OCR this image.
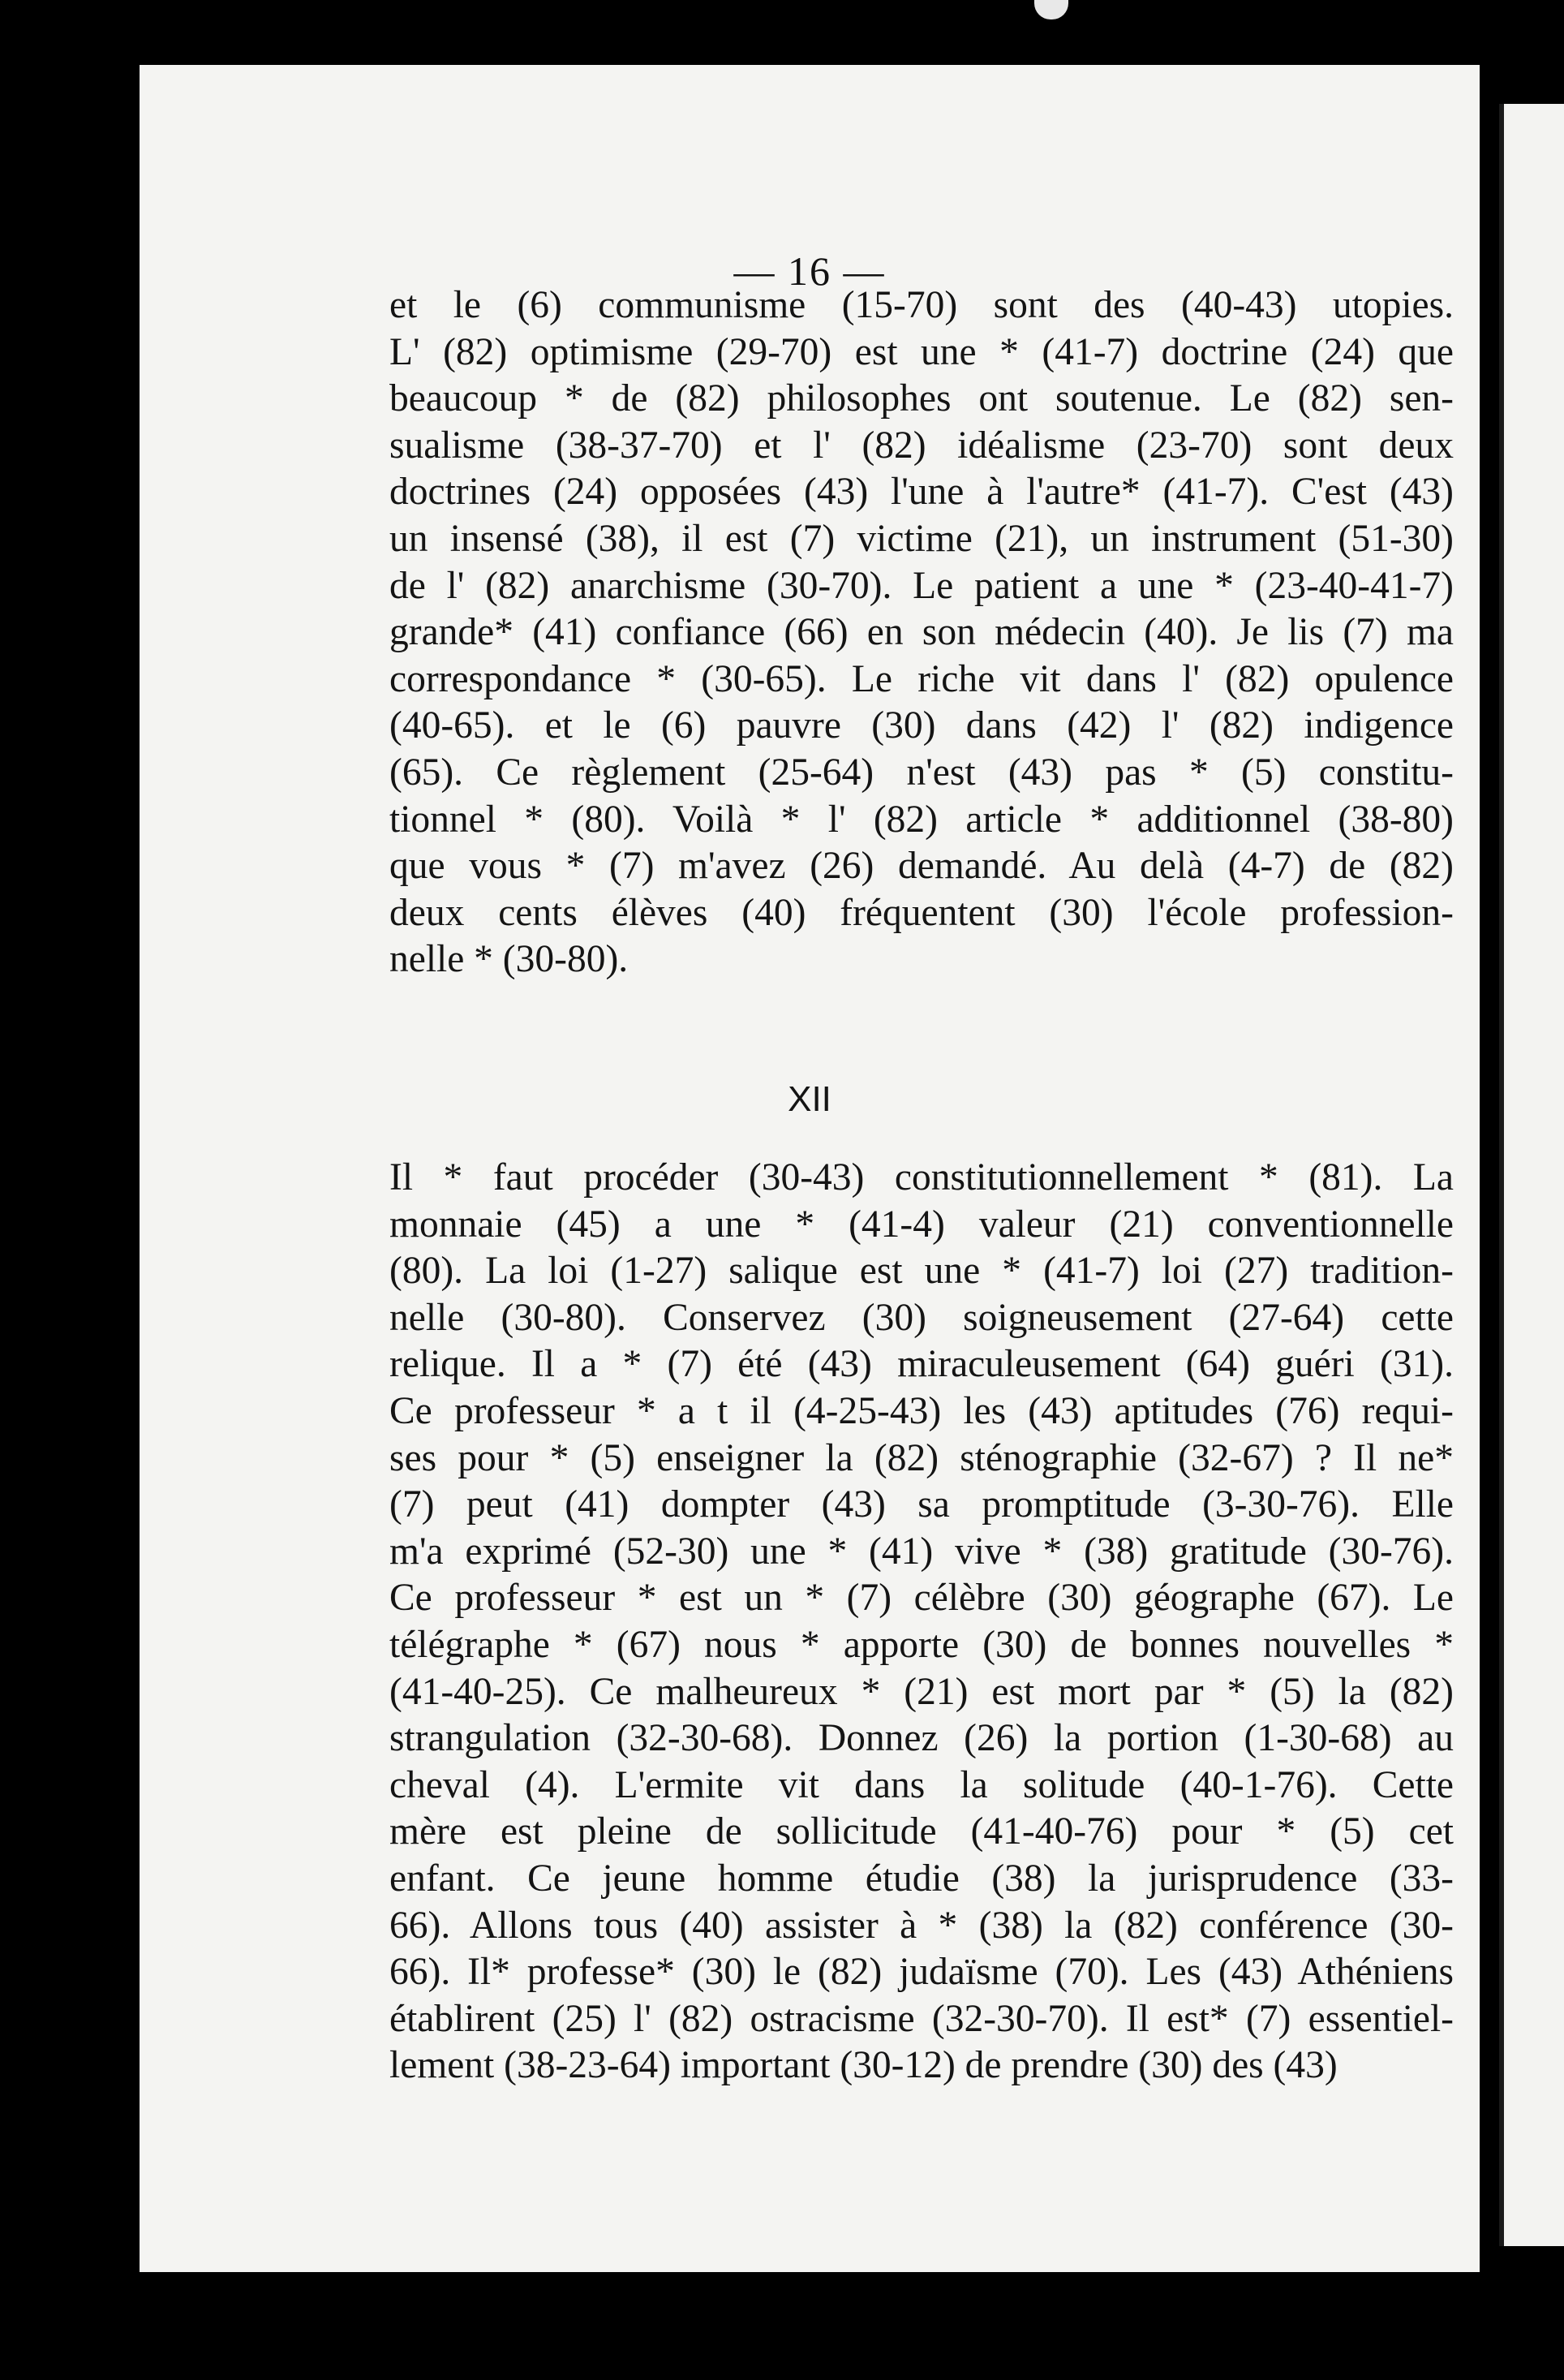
— 16 —
et le (6) communisme (15-70) sont des (40-43) utopies.
L' (82) optimisme (29-70) est une * (41-7) doctrine (24) que
beaucoup * de (82) philosophes ont soutenue. Le (82) sen-
sualisme (38-37-70) et l' (82) idéalisme (23-70) sont deux
doctrines (24) opposées (43) l'une à l'autre* (41-7). C'est (43)
un insensé (38), il est (7) victime (21), un instrument (51-30)
de l' (82) anarchisme (30-70). Le patient a une * (23-40-41-7)
grande* (41) confiance (66) en son médecin (40). Je lis (7) ma
correspondance * (30-65). Le riche vit dans l' (82) opulence
(40-65). et le (6) pauvre (30) dans (42) l' (82) indigence
(65). Ce règlement (25-64) n'est (43) pas * (5) constitu-
tionnel * (80). Voilà * l' (82) article * additionnel (38-80)
que vous * (7) m'avez (26) demandé. Au delà (4-7) de (82)
deux cents élèves (40) fréquentent (30) l'école profession-
nelle * (30-80).
XII
Il * faut procéder (30-43) constitutionnellement * (81). La
monnaie (45) a une * (41-4) valeur (21) conventionnelle
(80). La loi (1-27) salique est une * (41-7) loi (27) tradition-
nelle (30-80). Conservez (30) soigneusement (27-64) cette
relique. Il a * (7) été (43) miraculeusement (64) guéri (31).
Ce professeur * a t il (4-25-43) les (43) aptitudes (76) requi-
ses pour * (5) enseigner la (82) sténographie (32-67) ? Il ne*
(7) peut (41) dompter (43) sa promptitude (3-30-76). Elle
m'a exprimé (52-30) une * (41) vive * (38) gratitude (30-76).
Ce professeur * est un * (7) célèbre (30) géographe (67). Le
télégraphe * (67) nous * apporte (30) de bonnes nouvelles *
(41-40-25). Ce malheureux * (21) est mort par * (5) la (82)
strangulation (32-30-68). Donnez (26) la portion (1-30-68) au
cheval (4). L'ermite vit dans la solitude (40-1-76). Cette
mère est pleine de sollicitude (41-40-76) pour * (5) cet
enfant. Ce jeune homme étudie (38) la jurisprudence (33-
66). Allons tous (40) assister à * (38) la (82) conférence (30-
66). Il* professe* (30) le (82) judaïsme (70). Les (43) Athéniens
établirent (25) l' (82) ostracisme (32-30-70). Il est* (7) essentiel-
lement (38-23-64) important (30-12) de prendre (30) des (43)
